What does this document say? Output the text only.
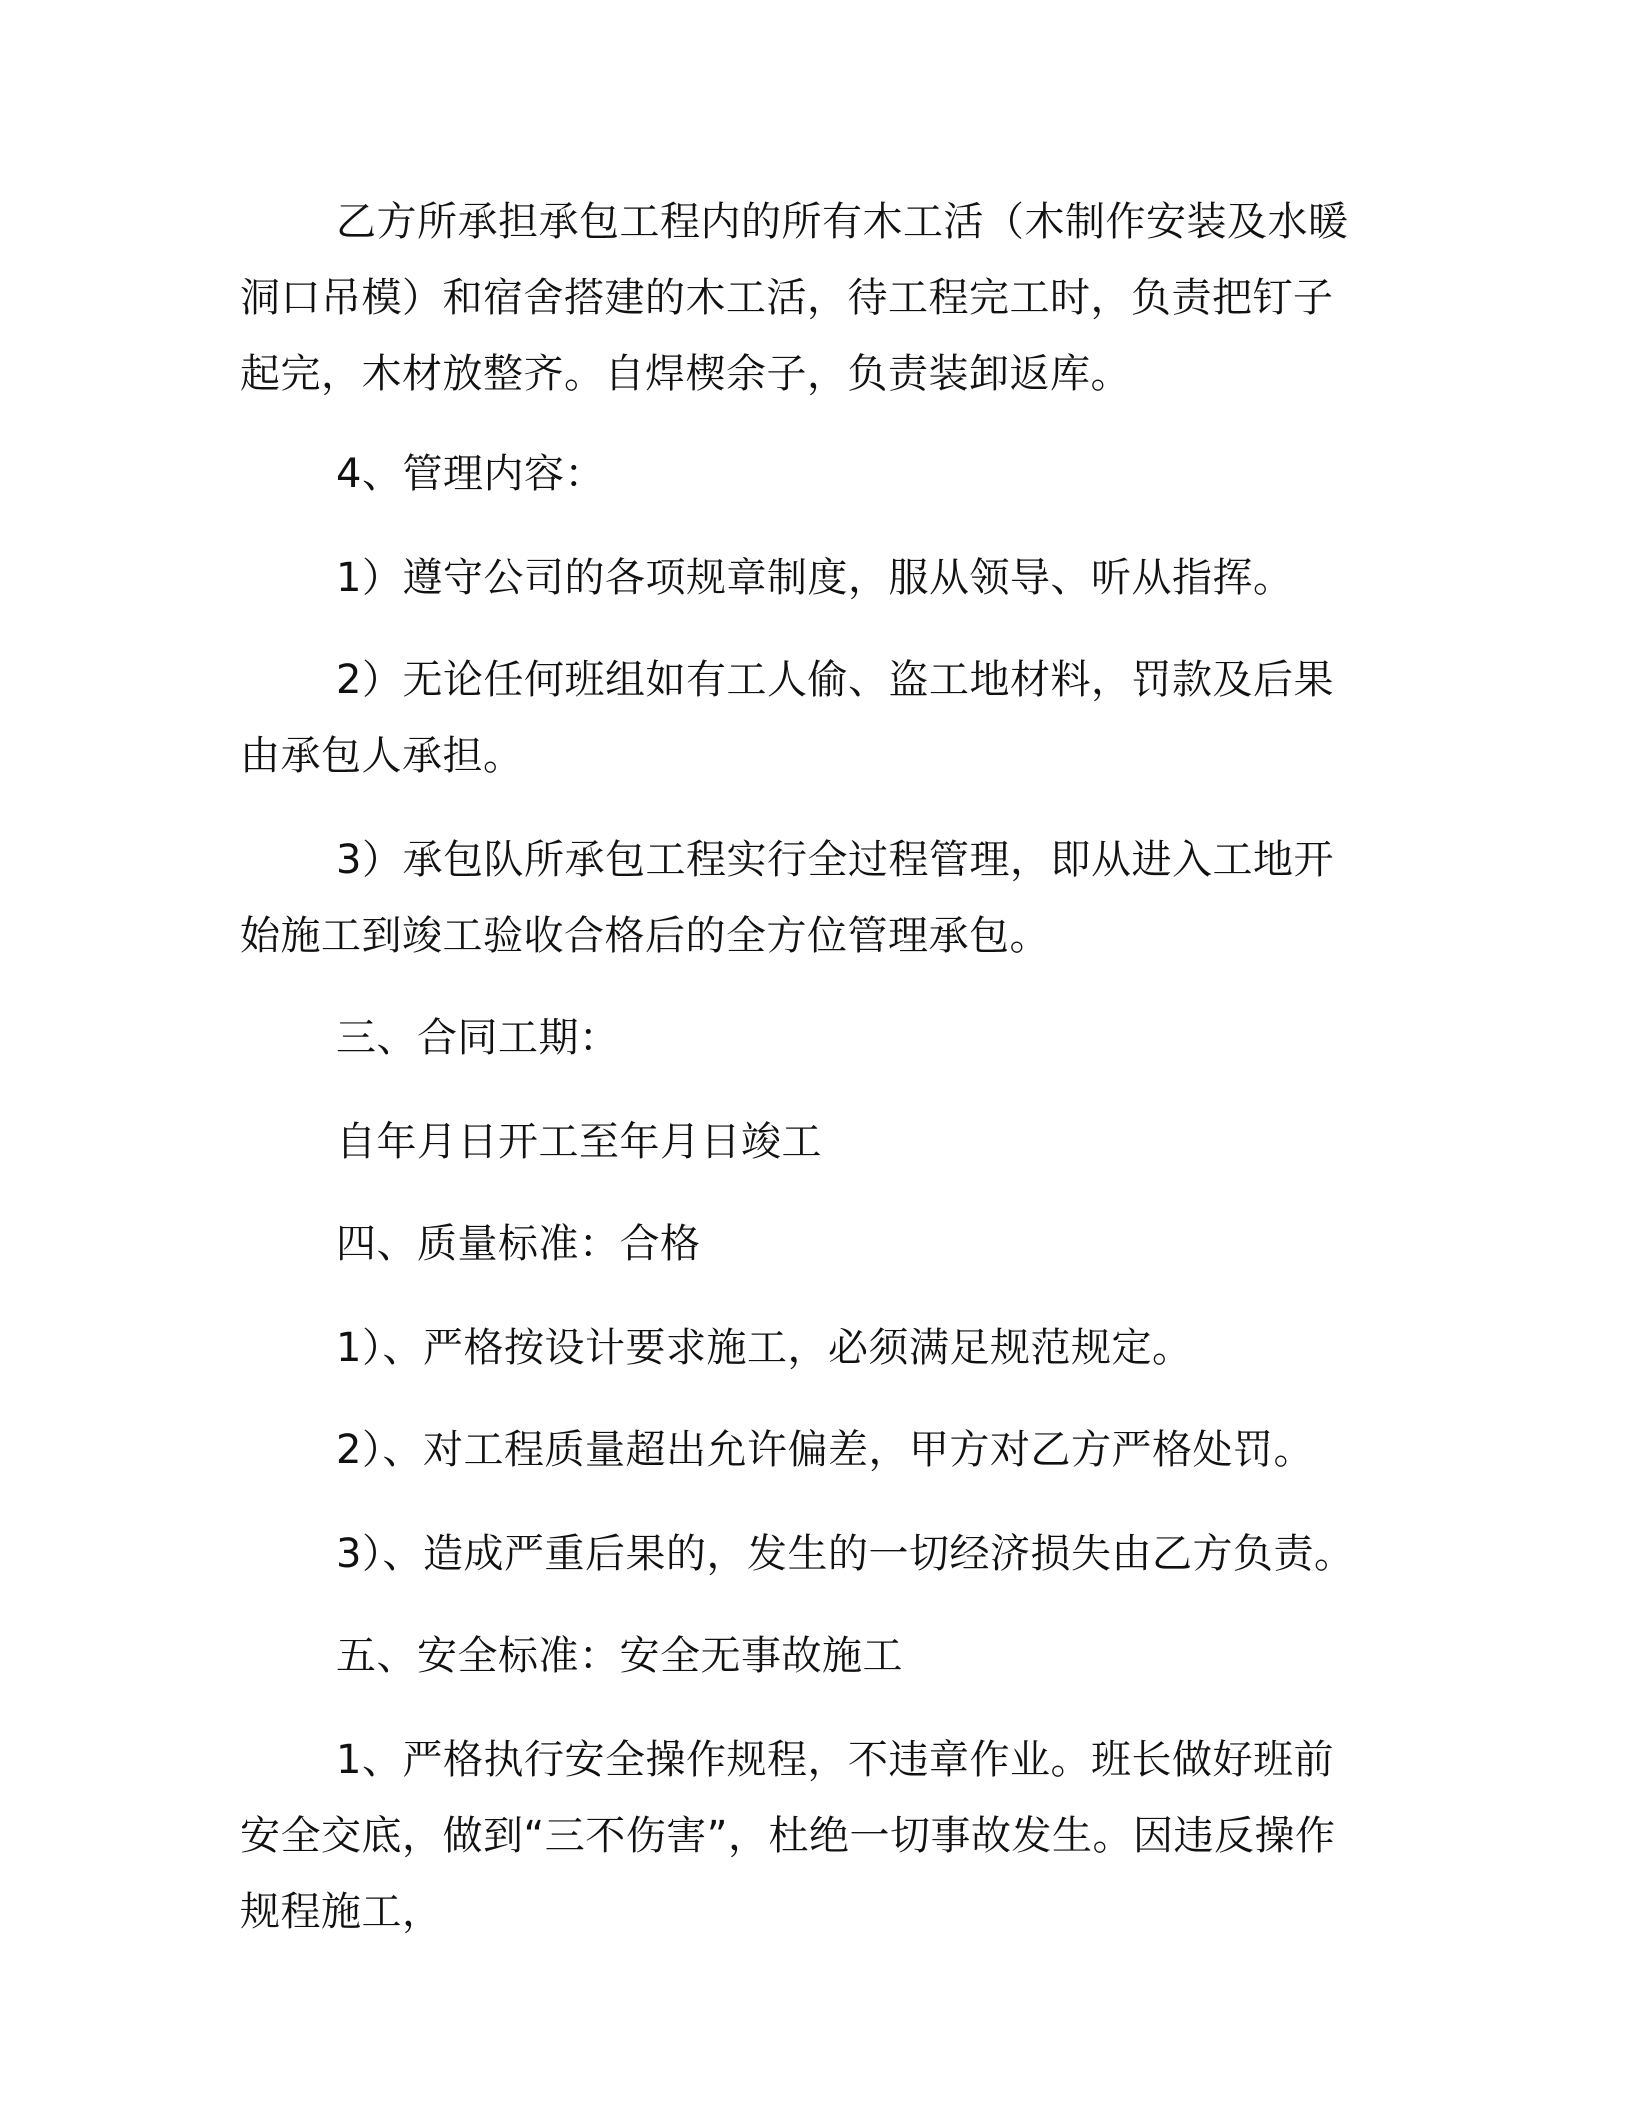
乙方所承担承包工程内的所有木工活（木制作安装及水暖洞口吊模）和宿舍搭建的木工活，待工程完工时，负责把钉子起完，木材放整齐。自焊楔余子，负责装卸返库。

4、管理内容：

1）遵守公司的各项规章制度，服从领导、听从指挥。

2）无论任何班组如有工人偷、盗工地材料，罚款及后果由承包人承担。

3）承包队所承包工程实行全过程管理，即从进入工地开始施工到竣工验收合格后的全方位管理承包。

三、合同工期：

自年月日开工至年月日竣工

四、质量标准：合格

1）、严格按设计要求施工，必须满足规范规定。

2）、对工程质量超出允许偏差，甲方对乙方严格处罚。

3）、造成严重后果的，发生的一切经济损失由乙方负责。

五、安全标准：安全无事故施工

1、严格执行安全操作规程，不违章作业。班长做好班前安全交底，做到“三不伤害”，杜绝一切事故发生。因违反操作规程施工，
